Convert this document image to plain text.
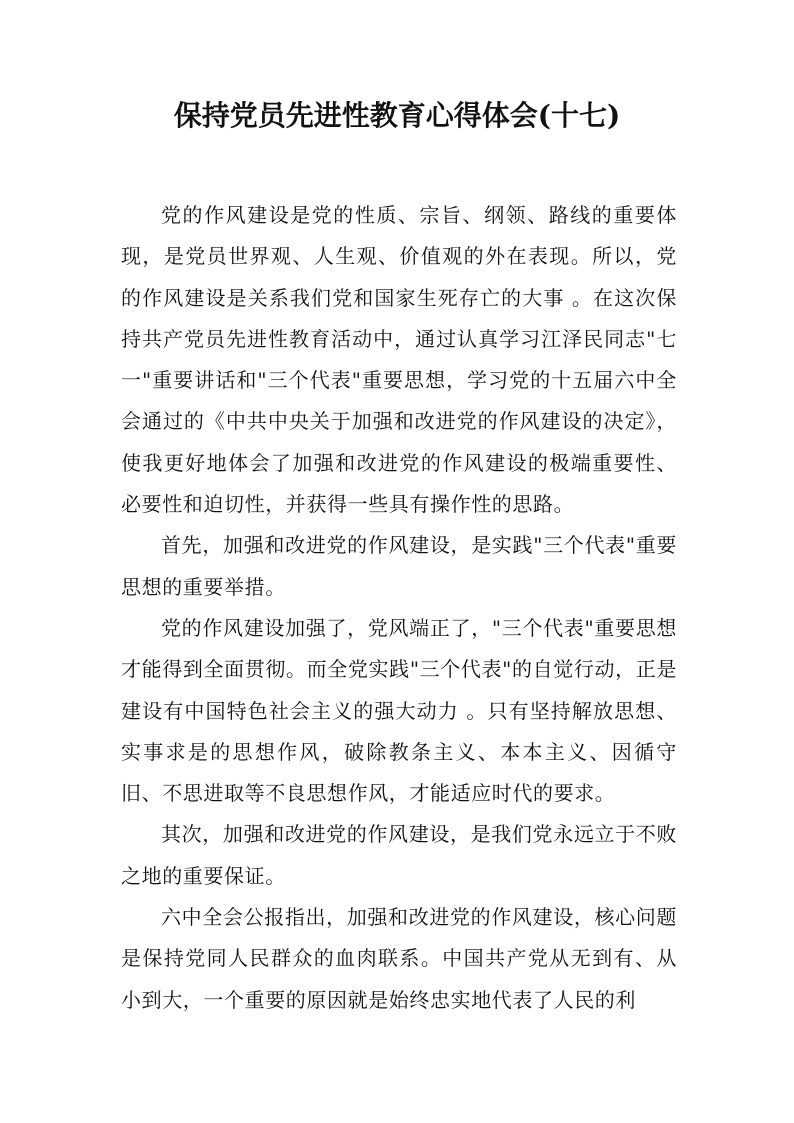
保持党员先进性教育心得体会(十七)

党的作风建设是党的性质、宗旨、纲领、路线的重要体现，是党员世界观、人生观、价值观的外在表现。所以，党的作风建设是关系我们党和国家生死存亡的大事 。在这次保持共产党员先进性教育活动中，通过认真学习江泽民同志"七一"重要讲话和"三个代表"重要思想，学习党的十五届六中全会通过的《中共中央关于加强和改进党的作风建设的决定》，使我更好地体会了加强和改进党的作风建设的极端重要性、必要性和迫切性，并获得一些具有操作性的思路。

首先，加强和改进党的作风建设，是实践"三个代表"重要思想的重要举措。

党的作风建设加强了，党风端正了，"三个代表"重要思想才能得到全面贯彻。而全党实践"三个代表"的自觉行动，正是建设有中国特色社会主义的强大动力 。只有坚持解放思想、实事求是的思想作风，破除教条主义、本本主义、因循守旧、不思进取等不良思想作风，才能适应时代的要求。

其次，加强和改进党的作风建设，是我们党永远立于不败之地的重要保证。

六中全会公报指出，加强和改进党的作风建设，核心问题是保持党同人民群众的血肉联系。中国共产党从无到有、从小到大，一个重要的原因就是始终忠实地代表了人民的利
